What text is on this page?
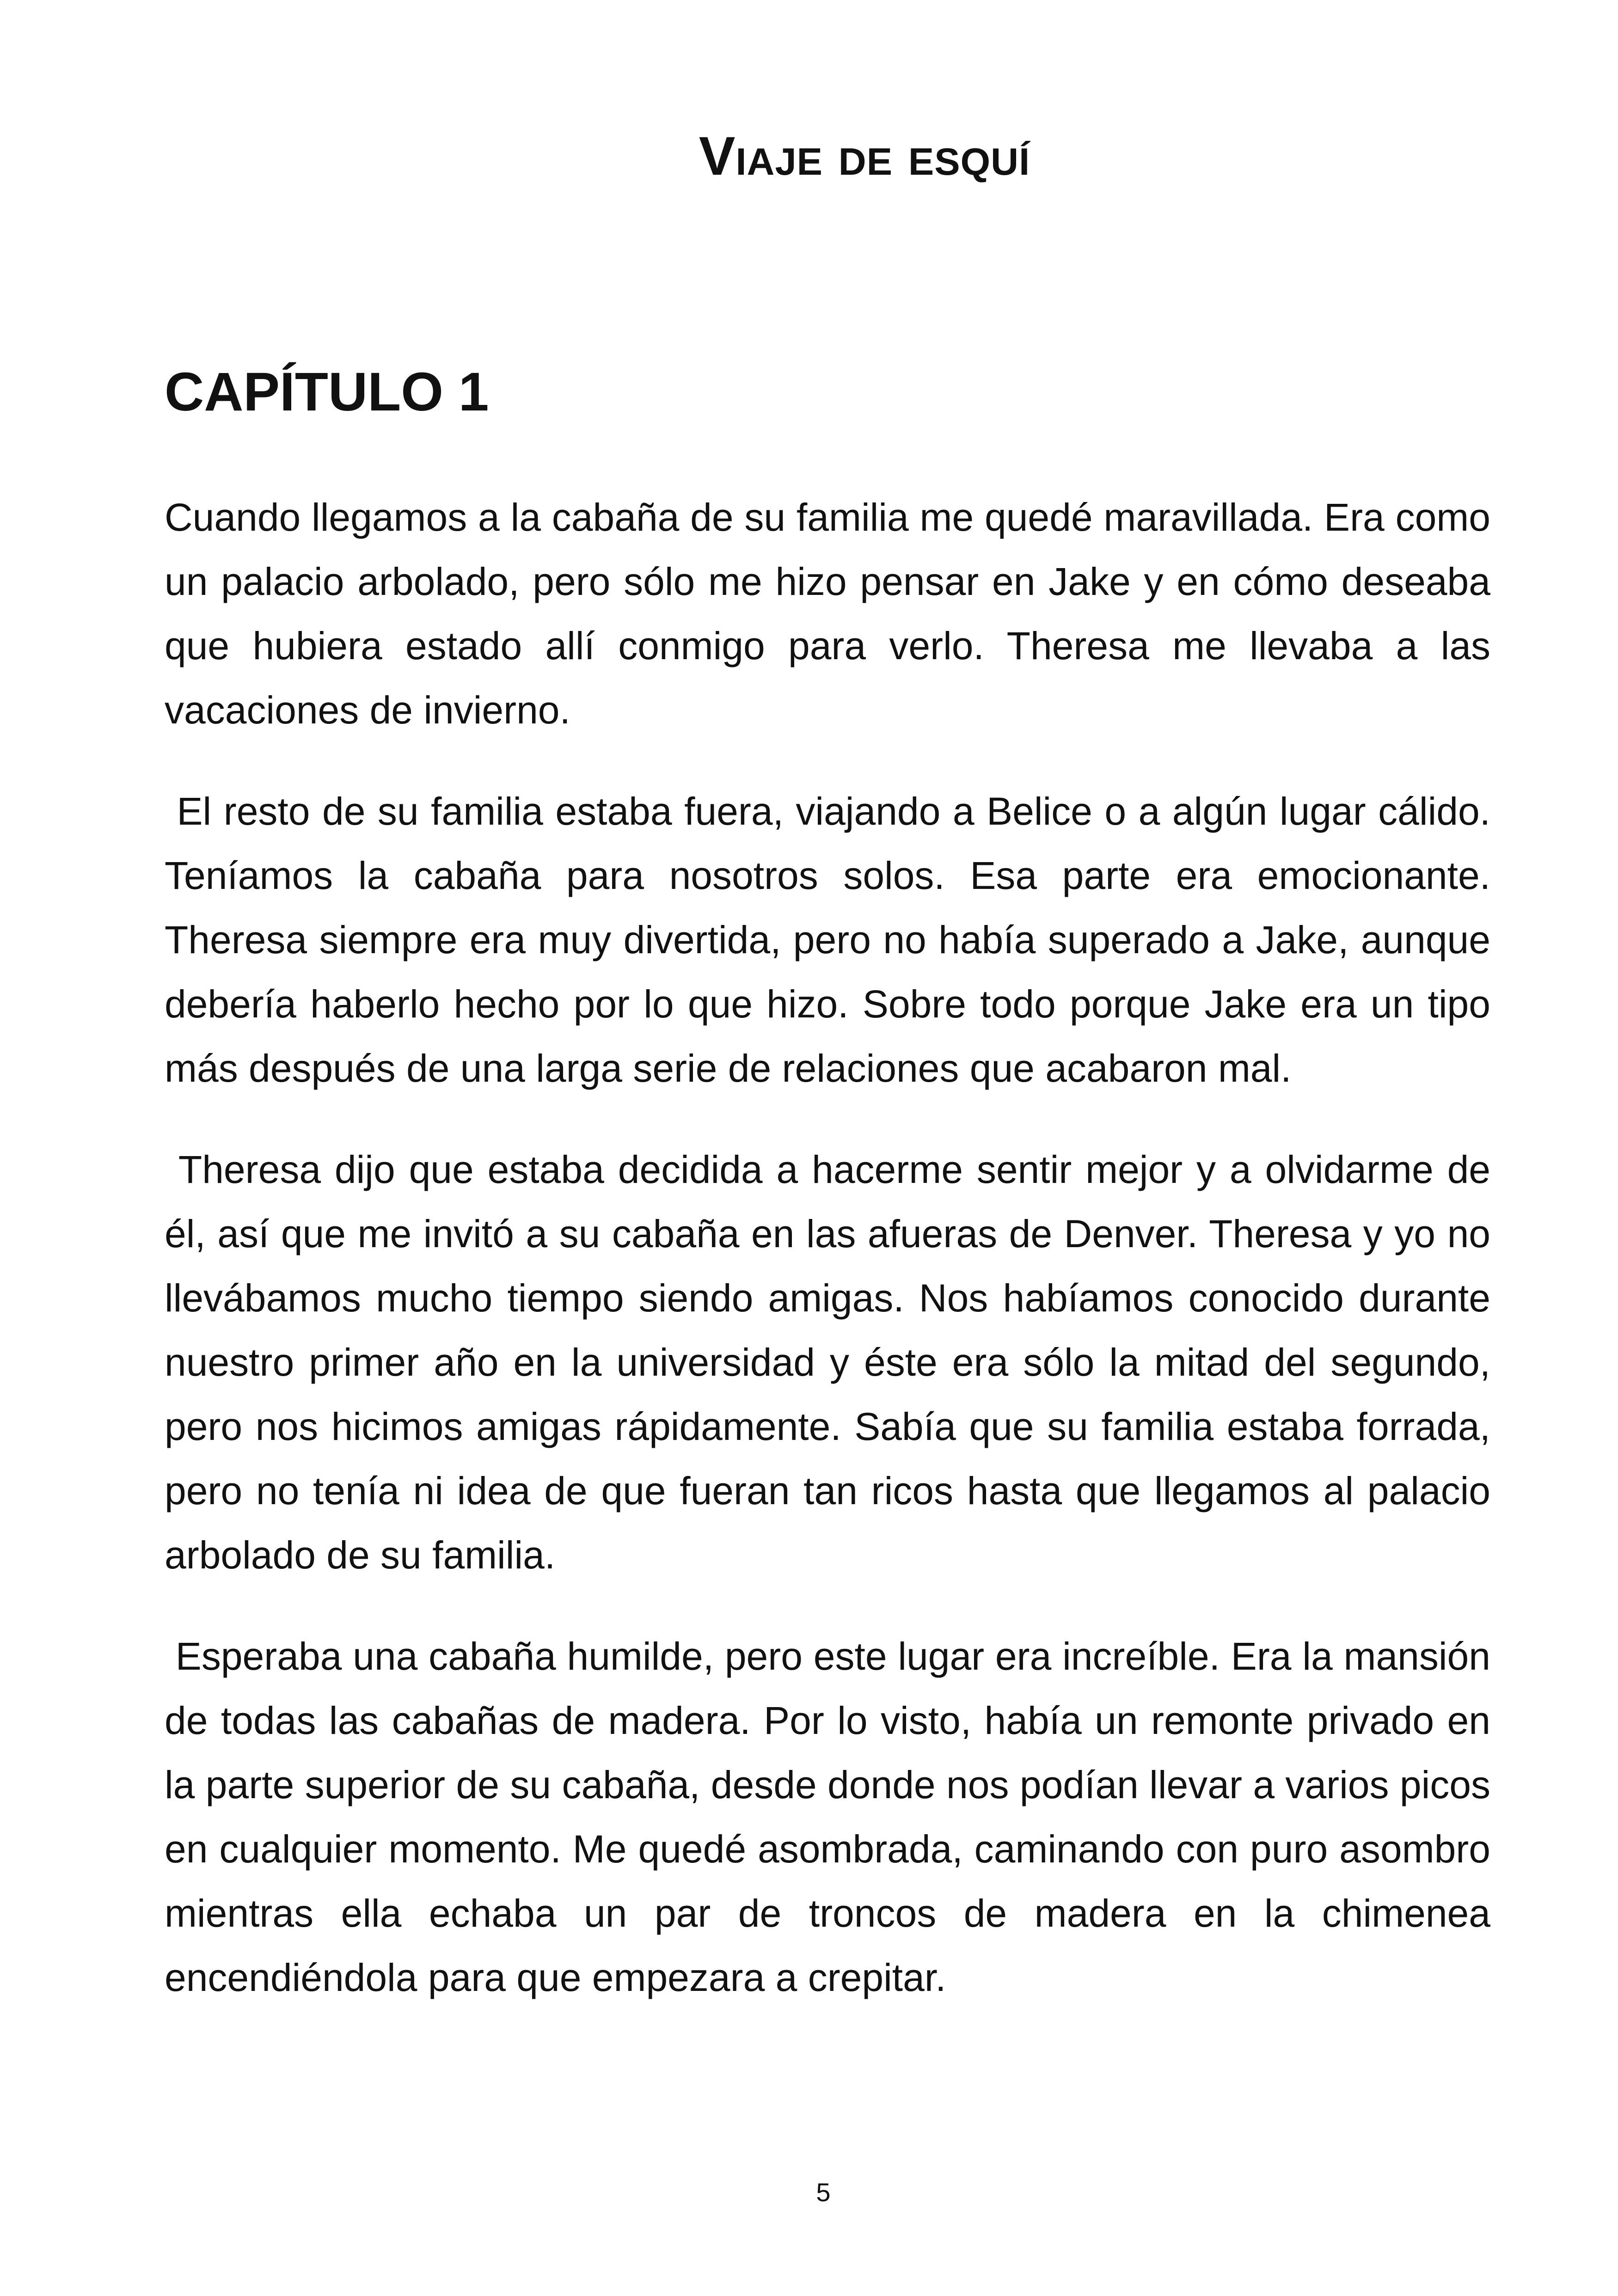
Viaje de esquí
CAPÍTULO 1

Cuando llegamos a la cabaña de su familia me quedé maravillada. Era como un palacio arbolado, pero sólo me hizo pensar en Jake y en cómo deseaba que hubiera estado allí conmigo para verlo. Theresa me llevaba a las vacaciones de invierno.

El resto de su familia estaba fuera, viajando a Belice o a algún lugar cálido. Teníamos la cabaña para nosotros solos. Esa parte era emocionante. Theresa siempre era muy divertida, pero no había superado a Jake, aunque debería haberlo hecho por lo que hizo. Sobre todo porque Jake era un tipo más después de una larga serie de relaciones que acabaron mal.

Theresa dijo que estaba decidida a hacerme sentir mejor y a olvidarme de él, así que me invitó a su cabaña en las afueras de Denver. Theresa y yo no llevábamos mucho tiempo siendo amigas. Nos habíamos conocido durante nuestro primer año en la universidad y éste era sólo la mitad del segundo, pero nos hicimos amigas rápidamente. Sabía que su familia estaba forrada, pero no tenía ni idea de que fueran tan ricos hasta que llegamos al palacio arbolado de su familia.

Esperaba una cabaña humilde, pero este lugar era increíble. Era la mansión de todas las cabañas de madera. Por lo visto, había un remonte privado en la parte superior de su cabaña, desde donde nos podían llevar a varios picos en cualquier momento. Me quedé asombrada, caminando con puro asombro mientras ella echaba un par de troncos de madera en la chimenea encendiéndola para que empezara a crepitar.

5
